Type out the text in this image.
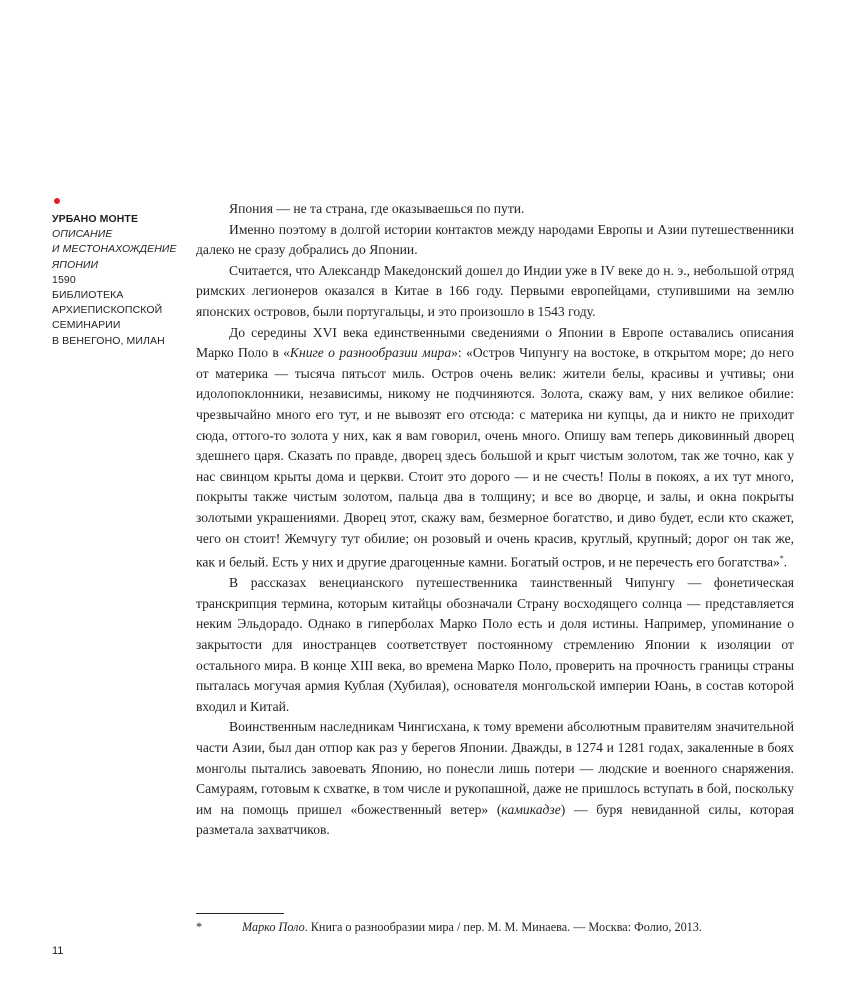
УРБАНО МОНТЕ
ОПИСАНИЕ
И МЕСТОНАХОЖДЕНИЕ
ЯПОНИИ
1590
БИБЛИОТЕКА
АРХИЕПИСКОПСКОЙ
СЕМИНАРИИ
В ВЕНЕГОНО, МИЛАН

Япония — не та страна, где оказываешься по пути.

Именно поэтому в долгой истории контактов между народами Европы и Азии путешественники далеко не сразу добрались до Японии.

Считается, что Александр Македонский дошел до Индии уже в IV веке до н. э., небольшой отряд римских легионеров оказался в Китае в 166 году. Первыми европейцами, ступившими на землю японских островов, были португальцы, и это произошло в 1543 году.

До середины XVI века единственными сведениями о Японии в Европе оставались описания Марко Поло в «Книге о разнообразии мира»: «Остров Чипунгу на востоке, в открытом море; до него от материка — тысяча пятьсот миль. Остров очень велик: жители белы, красивы и учтивы; они идолопоклонники, независимы, никому не подчиняются. Золота, скажу вам, у них великое обилие: чрезвычайно много его тут, и не вывозят его отсюда: с материка ни купцы, да и никто не приходит сюда, оттого-то золота у них, как я вам говорил, очень много. Опишу вам теперь диковинный дворец здешнего царя. Сказать по правде, дворец здесь большой и крыт чистым золотом, так же точно, как у нас свинцом крыты дома и церкви. Стоит это дорого — и не счесть! Полы в покоях, а их тут много, покрыты также чистым золотом, пальца два в толщину; и все во дворце, и залы, и окна покрыты золотыми украшениями. Дворец этот, скажу вам, безмерное богатство, и диво будет, если кто скажет, чего он стоит! Жемчугу тут обилие; он розовый и очень красив, круглый, крупный; дорог он так же, как и белый. Есть у них и другие драгоценные камни. Богатый остров, и не перечесть его богатства»*.

В рассказах венецианского путешественника таинственный Чипунгу — фонетическая транскрипция термина, которым китайцы обозначали Страну восходящего солнца — представляется неким Эльдорадо. Однако в гиперболах Марко Поло есть и доля истины. Например, упоминание о закрытости для иностранцев соответствует постоянному стремлению Японии к изоляции от остального мира. В конце XIII века, во времена Марко Поло, проверить на прочность границы страны пыталась могучая армия Кублая (Хубилая), основателя монгольской империи Юань, в состав которой входил и Китай.

Воинственным наследникам Чингисхана, к тому времени абсолютным правителям значительной части Азии, был дан отпор как раз у берегов Японии. Дважды, в 1274 и 1281 годах, закаленные в боях монголы пытались завоевать Японию, но понесли лишь потери — людские и военного снаряжения. Самураям, готовым к схватке, в том числе и рукопашной, даже не пришлось вступать в бой, поскольку им на помощь пришел «божественный ветер» (камикадзе) — буря невиданной силы, которая разметала захватчиков.

*	Марко Поло. Книга о разнообразии мира / пер. М. М. Минаева. — Москва: Фолио, 2013.
11
